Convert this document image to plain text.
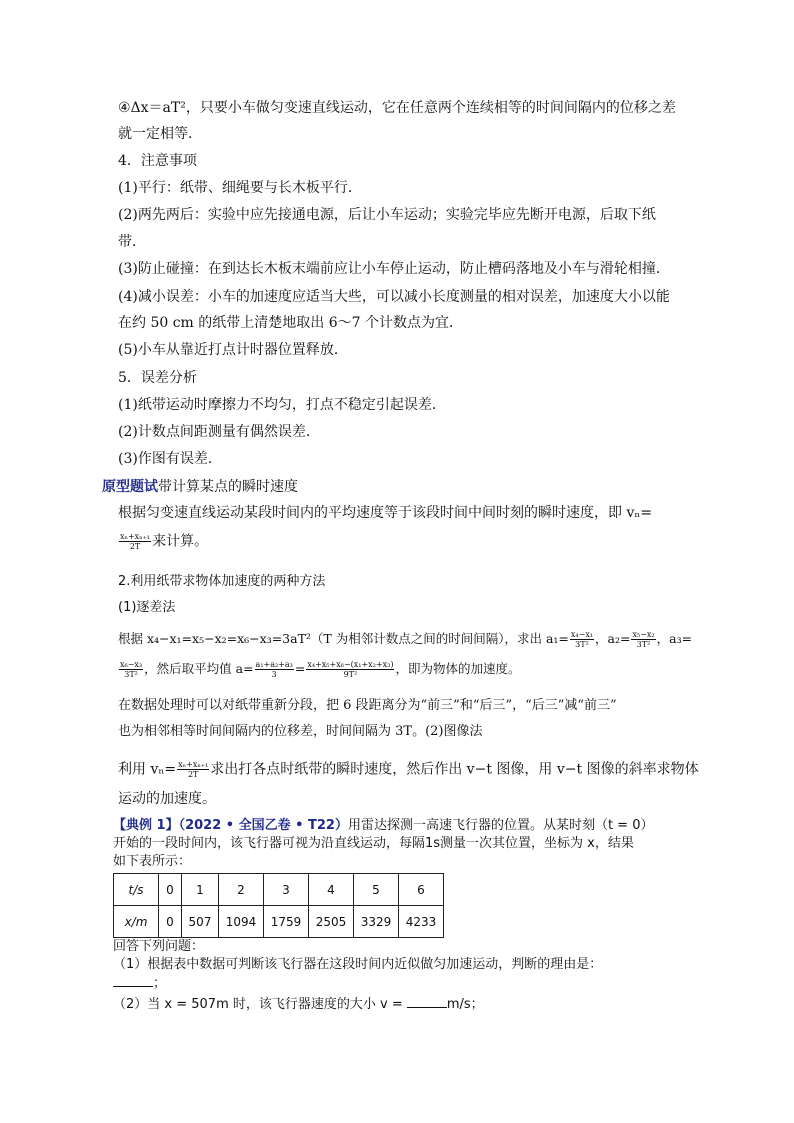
④Δx＝aT²，只要小车做匀变速直线运动，它在任意两个连续相等的时间间隔内的位移之差
就一定相等．
4．注意事项
(1)平行：纸带、细绳要与长木板平行．
(2)两先两后：实验中应先接通电源，后让小车运动；实验完毕应先断开电源，后取下纸
带．
(3)防止碰撞：在到达长木板末端前应让小车停止运动，防止槽码落地及小车与滑轮相撞．
(4)减小误差：小车的加速度应适当大些，可以减小长度测量的相对误差，加速度大小以能
在约 50 cm 的纸带上清楚地取出 6～7 个计数点为宜．
(5)小车从靠近打点计时器位置释放．
5．误差分析
(1)纸带运动时摩擦力不均匀，打点不稳定引起误差．
(2)计数点间距测量有偶然误差．
(3)作图有误差．
原型题试带计算某点的瞬时速度
根据匀变速直线运动某段时间内的平均速度等于该段时间中间时刻的瞬时速度，即 vₙ=
$\frac{\text{xₙ+xₙ₊₁}}{2T}$ 来计算。
2.利用纸带求物体加速度的两种方法
(1)逐差法
根据 x₄−x₁=x₅−x₂=x₆−x₃=3aT²（T 为相邻计数点之间的时间间隔），求出 $a_1= \frac{\text{x₄−x₁}}{\text{3T²}}$ ，$a_2= \frac{\text{x₅−x₂}}{\text{3T²}}$ ，a₃=
$\frac{\text{x₆−x₃}}{\text{3T²}}$ ，然后取平均值 $a= \frac{\text{a₁+a₂+a₃}}{3} = \frac{\text{x₄+x₅+x₆−(x₁+x₂+x₃)}}{\text{9T²}}$ ，即为物体的加速度。
在数据处理时可以对纸带重新分段，把 6 段距离分为“前三”和“后三”，“后三”减“前三”
也为相邻相等时间间隔内的位移差，时间间隔为 3T。(2)图像法
利用 $v_n= \frac{\text{xₙ+xₙ₊₁}}{2T}$ 求出打各点时纸带的瞬时速度，然后作出 v−t 图像，用 v−t 图像的斜率求物体
运动的加速度。
【典例 1】（2022 • 全国乙卷 • T22）用雷达探测一高速飞行器的位置。从某时刻（t = 0）
开始的一段时间内，该飞行器可视为沿直线运动，每隔1s测量一次其位置，坐标为 x，结果
如下表所示：
t/s	0	1	2	3	4	5	6
x/m	0	507	1094	1759	2505	3329	4233
回答下列问题：
（1）根据表中数据可判断该飞行器在这段时间内近似做匀加速运动，判断的理由是：
；
（2）当 x = 507m 时，该飞行器速度的大小 v =	m/s；
